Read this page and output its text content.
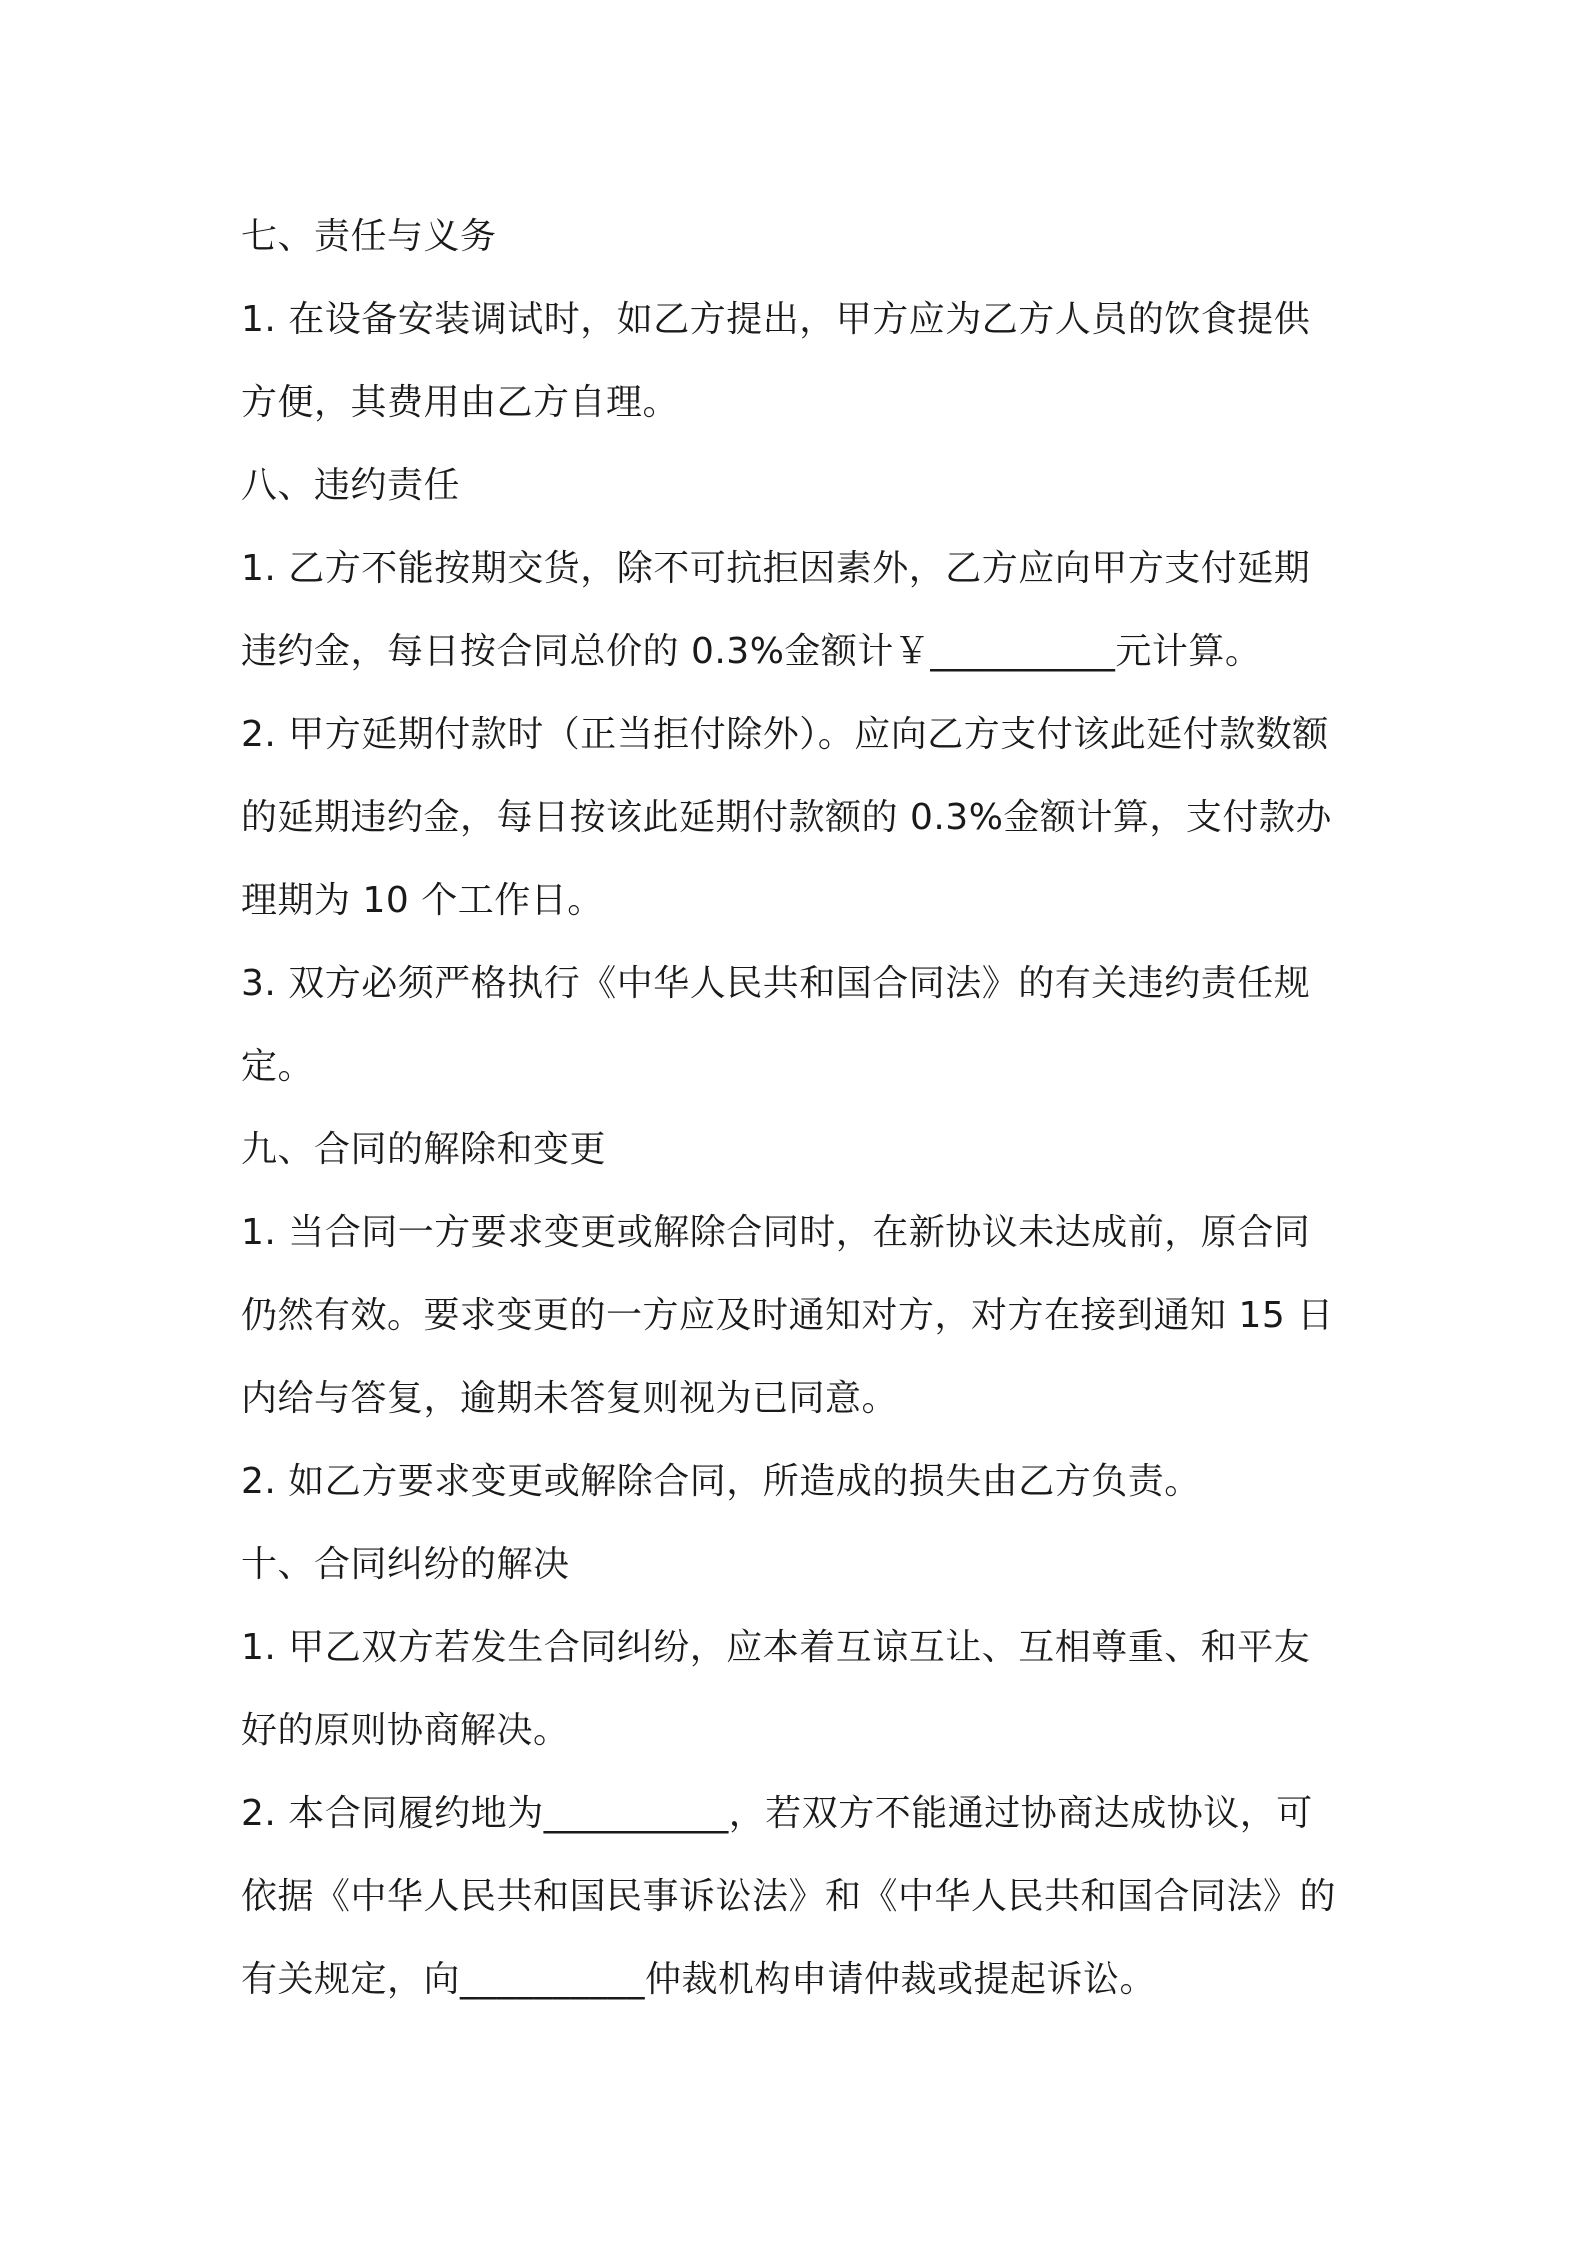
七、责任与义务
1. 在设备安装调试时，如乙方提出，甲方应为乙方人员的饮食提供
方便，其费用由乙方自理。
八、违约责任
1. 乙方不能按期交货，除不可抗拒因素外，乙方应向甲方支付延期
违约金，每日按合同总价的 0.3%金额计￥__________元计算。
2. 甲方延期付款时（正当拒付除外）。应向乙方支付该此延付款数额
的延期违约金，每日按该此延期付款额的 0.3%金额计算，支付款办
理期为 10 个工作日。
3. 双方必须严格执行《中华人民共和国合同法》的有关违约责任规
定。
九、合同的解除和变更
1. 当合同一方要求变更或解除合同时，在新协议未达成前，原合同
仍然有效。要求变更的一方应及时通知对方，对方在接到通知 15 日
内给与答复，逾期未答复则视为已同意。
2. 如乙方要求变更或解除合同，所造成的损失由乙方负责。
十、合同纠纷的解决
1. 甲乙双方若发生合同纠纷，应本着互谅互让、互相尊重、和平友
好的原则协商解决。
2. 本合同履约地为__________，若双方不能通过协商达成协议，可
依据《中华人民共和国民事诉讼法》和《中华人民共和国合同法》的
有关规定，向__________仲裁机构申请仲裁或提起诉讼。
